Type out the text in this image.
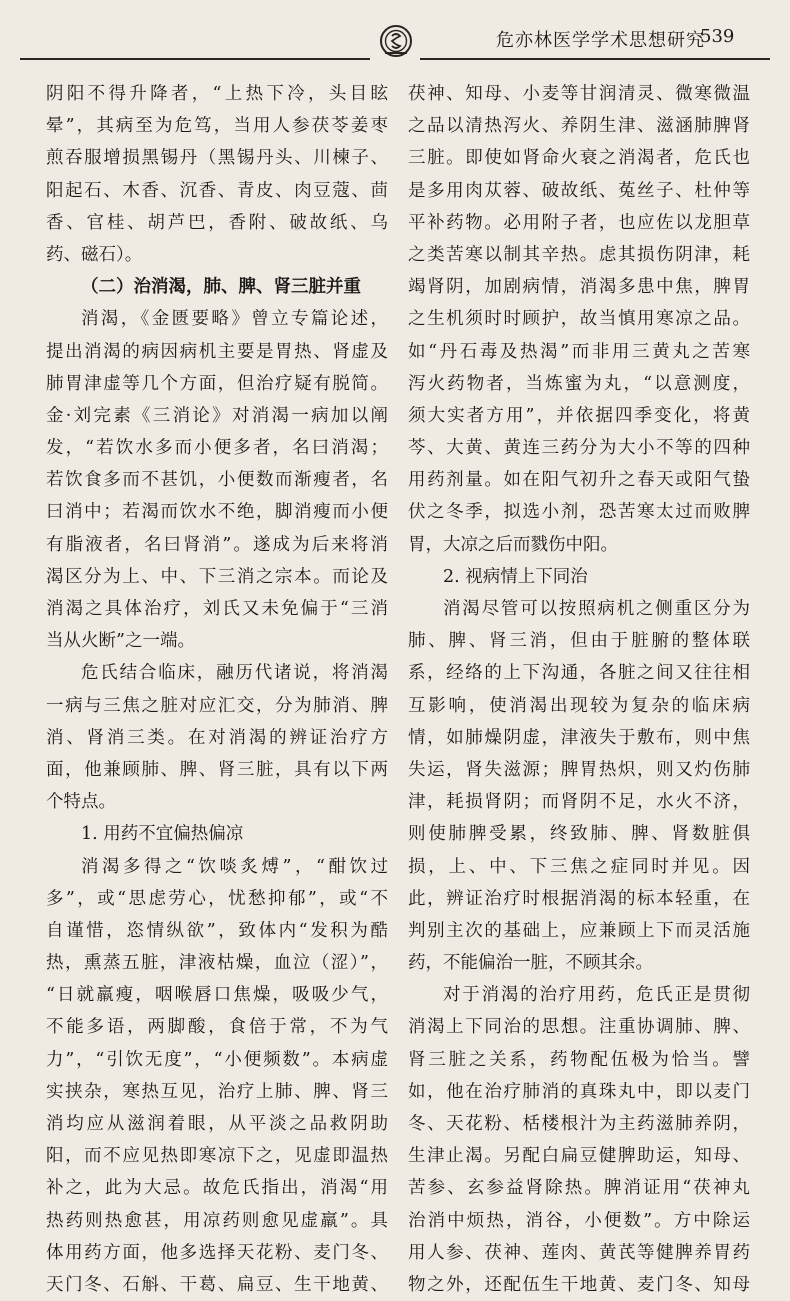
危亦林医学学术思想研究
539
阴阳不得升降者，“上热下冷，头目眩
晕”，其病至为危笃，当用人参茯苓姜枣
煎吞服增损黑锡丹（黑锡丹头、川楝子、
阳起石、木香、沉香、青皮、肉豆蔻、茴
香、官桂、胡芦巴，香附、破故纸、乌
药、磁石）。
（二）治消渴，肺、脾、肾三脏并重
消渴，《金匮要略》曾立专篇论述，
提出消渴的病因病机主要是胃热、肾虚及
肺胃津虚等几个方面，但治疗疑有脱简。
金·刘完素《三消论》对消渴一病加以阐
发，“若饮水多而小便多者，名曰消渴；
若饮食多而不甚饥，小便数而渐瘦者，名
曰消中；若渴而饮水不绝，脚消瘦而小便
有脂液者，名曰肾消”。遂成为后来将消
渴区分为上、中、下三消之宗本。而论及
消渴之具体治疗，刘氏又未免偏于“三消
当从火断”之一端。
危氏结合临床，融历代诸说，将消渴
一病与三焦之脏对应汇交，分为肺消、脾
消、肾消三类。在对消渴的辨证治疗方
面，他兼顾肺、脾、肾三脏，具有以下两
个特点。
1. 用药不宜偏热偏凉
消渴多得之“饮啖炙煿”，“酣饮过
多”，或“思虑劳心，忧愁抑郁”，或“不
自谨惜，恣情纵欲”，致体内“发积为酷
热，熏蒸五脏，津液枯燥，血泣（涩）”，
“日就羸瘦，咽喉唇口焦燥，吸吸少气，
不能多语，两脚酸，食倍于常，不为气
力”，“引饮无度”，“小便频数”。本病虚
实挟杂，寒热互见，治疗上肺、脾、肾三
消均应从滋润着眼，从平淡之品救阴助
阳，而不应见热即寒凉下之，见虚即温热
补之，此为大忌。故危氏指出，消渴“用
热药则热愈甚，用凉药则愈见虚羸”。具
体用药方面，他多选择天花粉、麦门冬、
天门冬、石斛、干葛、扁豆、生干地黄、
茯神、知母、小麦等甘润清灵、微寒微温
之品以清热泻火、养阴生津、滋涵肺脾肾
三脏。即使如肾命火衰之消渴者，危氏也
是多用肉苁蓉、破故纸、菟丝子、杜仲等
平补药物。必用附子者，也应佐以龙胆草
之类苦寒以制其辛热。虑其损伤阴津，耗
竭肾阴，加剧病情，消渴多患中焦，脾胃
之生机须时时顾护，故当慎用寒凉之品。
如“丹石毒及热渴”而非用三黄丸之苦寒
泻火药物者，当炼蜜为丸，“以意测度，
须大实者方用”，并依据四季变化，将黄
芩、大黄、黄连三药分为大小不等的四种
用药剂量。如在阳气初升之春天或阳气蛰
伏之冬季，拟选小剂，恐苦寒太过而败脾
胃，大凉之后而戮伤中阳。
2. 视病情上下同治
消渴尽管可以按照病机之侧重区分为
肺、脾、肾三消，但由于脏腑的整体联
系，经络的上下沟通，各脏之间又往往相
互影响，使消渴出现较为复杂的临床病
情，如肺燥阴虚，津液失于敷布，则中焦
失运，肾失滋源；脾胃热炽，则又灼伤肺
津，耗损肾阴；而肾阴不足，水火不济，
则使肺脾受累，终致肺、脾、肾数脏俱
损，上、中、下三焦之症同时并见。因
此，辨证治疗时根据消渴的标本轻重，在
判别主次的基础上，应兼顾上下而灵活施
药，不能偏治一脏，不顾其余。
对于消渴的治疗用药，危氏正是贯彻
消渴上下同治的思想。注重协调肺、脾、
肾三脏之关系，药物配伍极为恰当。譬
如，他在治疗肺消的真珠丸中，即以麦门
冬、天花粉、栝楼根汁为主药滋肺养阴，
生津止渴。另配白扁豆健脾助运，知母、
苦参、玄参益肾除热。脾消证用“茯神丸
治消中烦热，消谷，小便数”。方中除运
用人参、茯神、莲肉、黄芪等健脾养胃药
物之外，还配伍生干地黄、麦门冬、知母
